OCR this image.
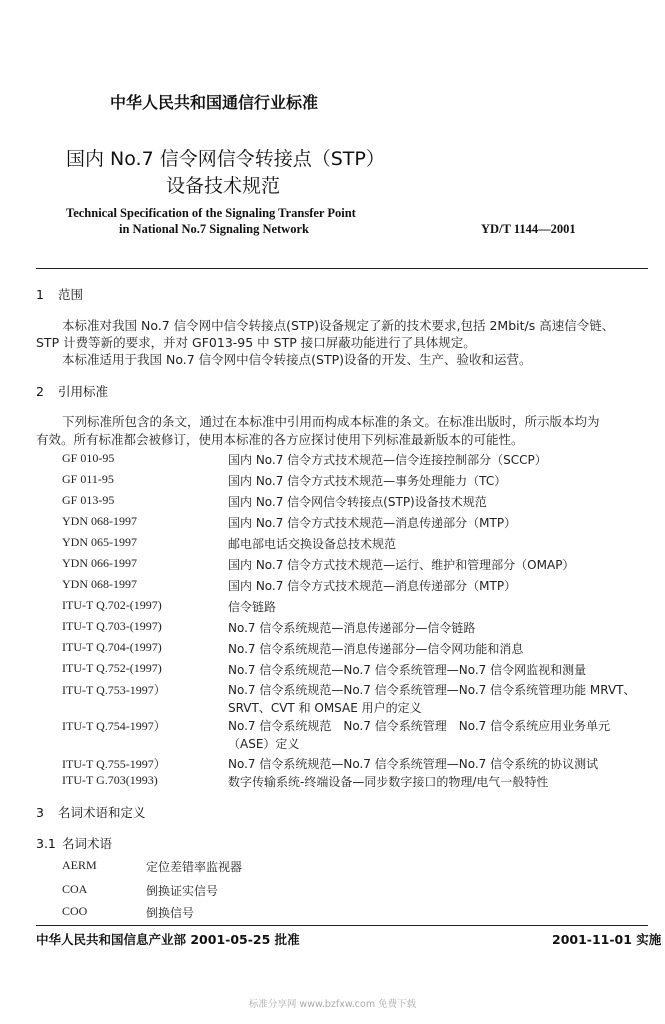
中华人民共和国通信行业标准
国内 No.7 信令网信令转接点（STP）
设备技术规范
Technical Specification of the Signaling Transfer Point
in National No.7 Signaling Network	YD/T 1144—2001
1 范围
本标准对我国 No.7 信令网中信令转接点(STP)设备规定了新的技术要求,包括 2Mbit/s 高速信令链、
STP 计费等新的要求，并对 GF013-95 中 STP 接口屏蔽功能进行了具体规定。
本标准适用于我国 No.7 信令网中信令转接点(STP)设备的开发、生产、验收和运营。
2 引用标准
下列标准所包含的条文，通过在本标准中引用而构成本标准的条文。在标准出版时，所示版本均为
有效。所有标准都会被修订，使用本标准的各方应探讨使用下列标准最新版本的可能性。
GF 010-95	国内 No.7 信令方式技术规范—信令连接控制部分（SCCP）
GF 011-95	国内 No.7 信令方式技术规范—事务处理能力（TC）
GF 013-95	国内 No.7 信令网信令转接点(STP)设备技术规范
YDN 068-1997	国内 No.7 信令方式技术规范—消息传递部分（MTP）
YDN 065-1997	邮电部电话交换设备总技术规范
YDN 066-1997	国内 No.7 信令方式技术规范—运行、维护和管理部分（OMAP）
YDN 068-1997	国内 No.7 信令方式技术规范—消息传递部分（MTP）
ITU-T Q.702-(1997)	信令链路
ITU-T Q.703-(1997)	No.7 信令系统规范—消息传递部分—信令链路
ITU-T Q.704-(1997)	No.7 信令系统规范—消息传递部分—信令网功能和消息
ITU-T Q.752-(1997)	No.7 信令系统规范—No.7 信令系统管理—No.7 信令网监视和测量
ITU-T Q.753-1997）	No.7 信令系统规范—No.7 信令系统管理—No.7 信令系统管理功能 MRVT、
SRVT、CVT 和 OMSAE 用户的定义
ITU-T Q.754-1997）	No.7 信令系统规范　No.7 信令系统管理　No.7 信令系统应用业务单元
（ASE）定义
ITU-T Q.755-1997）	No.7 信令系统规范—No.7 信令系统管理—No.7 信令系统的协议测试
ITU-T G.703(1993)	数字传输系统-终端设备—同步数字接口的物理/电气一般特性
3 名词术语和定义
3.1 名词术语
AERM	定位差错率监视器
COA	倒换证实信号
COO	倒换信号
中华人民共和国信息产业部 2001-05-25 批准	2001-11-01 实施
标准分享网 www.bzfxw.com 免费下载
